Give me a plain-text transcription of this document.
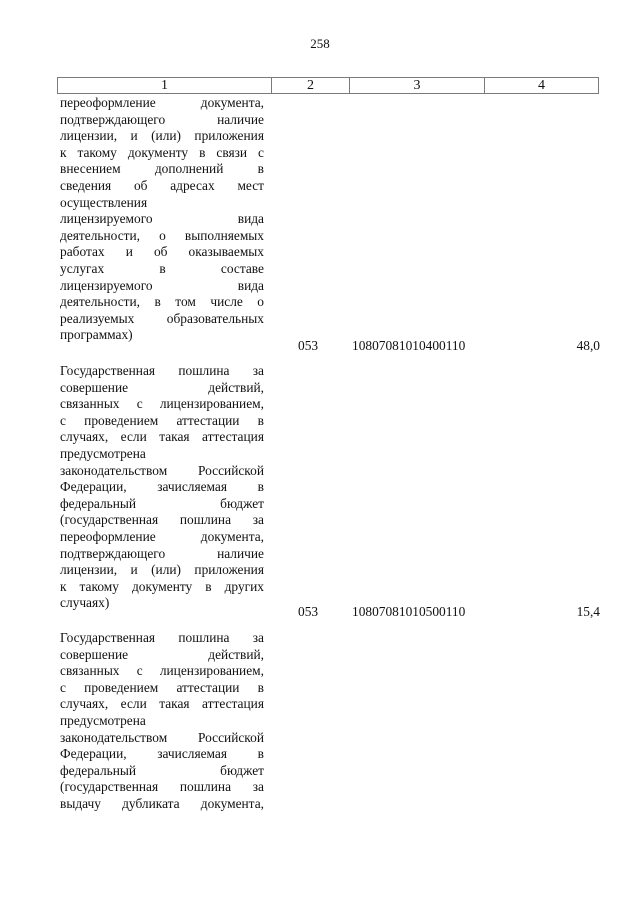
258
1	2	3	4
переоформление документа,
подтверждающего наличие
лицензии, и (или) приложения
к такому документу в связи с
внесением дополнений в
сведения об адресах мест
осуществления
лицензируемого вида
деятельности, о выполняемых
работах и об оказываемых
услугах в составе
лицензируемого вида
деятельности, в том числе о
реализуемых образовательных
программах)
053	10807081010400110	48,0
Государственная пошлина за
совершение действий,
связанных с лицензированием,
с проведением аттестации в
случаях, если такая аттестация
предусмотрена
законодательством Российской
Федерации, зачисляемая в
федеральный бюджет
(государственная пошлина за
переоформление документа,
подтверждающего наличие
лицензии, и (или) приложения
к такому документу в других
случаях)
053	10807081010500110	15,4
Государственная пошлина за
совершение действий,
связанных с лицензированием,
с проведением аттестации в
случаях, если такая аттестация
предусмотрена
законодательством Российской
Федерации, зачисляемая в
федеральный бюджет
(государственная пошлина за
выдачу дубликата документа,
